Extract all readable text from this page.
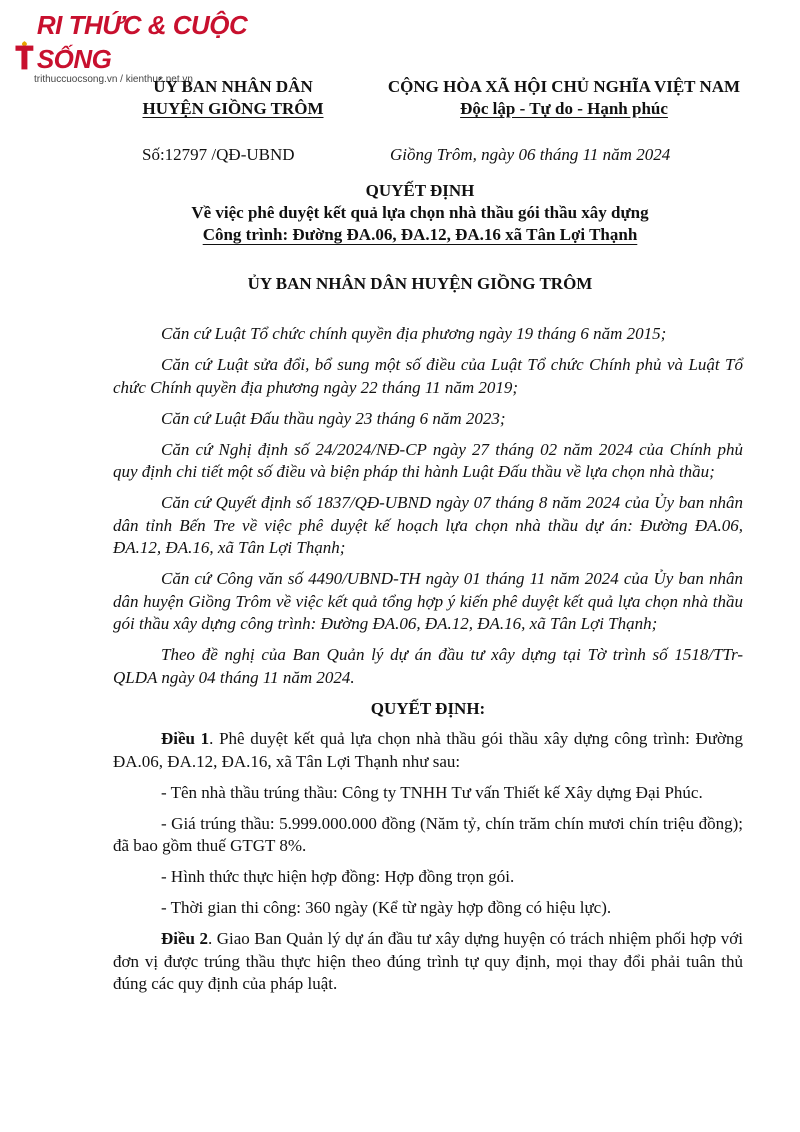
RI THỨC & CUỘC SỐNG
trithuccuocsong.vn / kienthuc.net.vn
ỦY BAN NHÂN DÂN
HUYỆN GIỒNG TRÔM
CỘNG HÒA XÃ HỘI CHỦ NGHĨA VIỆT NAM
Độc lập - Tự do - Hạnh phúc
Số:12797 /QĐ-UBND	Giồng Trôm, ngày 06 tháng 11 năm 2024
QUYẾT ĐỊNH
Về việc phê duyệt kết quả lựa chọn nhà thầu gói thầu xây dựng
Công trình: Đường ĐA.06, ĐA.12, ĐA.16 xã Tân Lợi Thạnh
ỦY BAN NHÂN DÂN HUYỆN GIỒNG TRÔM

Căn cứ Luật Tổ chức chính quyền địa phương ngày 19 tháng 6 năm 2015;

Căn cứ Luật sửa đổi, bổ sung một số điều của Luật Tổ chức Chính phủ và Luật Tổ chức Chính quyền địa phương ngày 22 tháng 11 năm 2019;

Căn cứ Luật Đấu thầu ngày 23 tháng 6 năm 2023;

Căn cứ Nghị định số 24/2024/NĐ-CP ngày 27 tháng 02 năm 2024 của Chính phủ quy định chi tiết một số điều và biện pháp thi hành Luật Đấu thầu về lựa chọn nhà thầu;

Căn cứ Quyết định số 1837/QĐ-UBND ngày 07 tháng 8 năm 2024 của Ủy ban nhân dân tỉnh Bến Tre về việc phê duyệt kế hoạch lựa chọn nhà thầu dự án: Đường ĐA.06, ĐA.12, ĐA.16, xã Tân Lợi Thạnh;

Căn cứ Công văn số 4490/UBND-TH ngày 01 tháng 11 năm 2024 của Ủy ban nhân dân huyện Giồng Trôm về việc kết quả tổng hợp ý kiến phê duyệt kết quả lựa chọn nhà thầu gói thầu xây dựng công trình: Đường ĐA.06, ĐA.12, ĐA.16, xã Tân Lợi Thạnh;

Theo đề nghị của Ban Quản lý dự án đầu tư xây dựng tại Tờ trình số 1518/TTr-QLDA ngày 04 tháng 11 năm 2024.

QUYẾT ĐỊNH:

Điều 1. Phê duyệt kết quả lựa chọn nhà thầu gói thầu xây dựng công trình: Đường ĐA.06, ĐA.12, ĐA.16, xã Tân Lợi Thạnh như sau:

- Tên nhà thầu trúng thầu: Công ty TNHH Tư vấn Thiết kế Xây dựng Đại Phúc.

- Giá trúng thầu: 5.999.000.000 đồng (Năm tỷ, chín trăm chín mươi chín triệu đồng); đã bao gồm thuế GTGT 8%.

- Hình thức thực hiện hợp đồng: Hợp đồng trọn gói.

- Thời gian thi công: 360 ngày (Kể từ ngày hợp đồng có hiệu lực).

Điều 2. Giao Ban Quản lý dự án đầu tư xây dựng huyện có trách nhiệm phối hợp với đơn vị được trúng thầu thực hiện theo đúng trình tự quy định, mọi thay đổi phải tuân thủ đúng các quy định của pháp luật.
